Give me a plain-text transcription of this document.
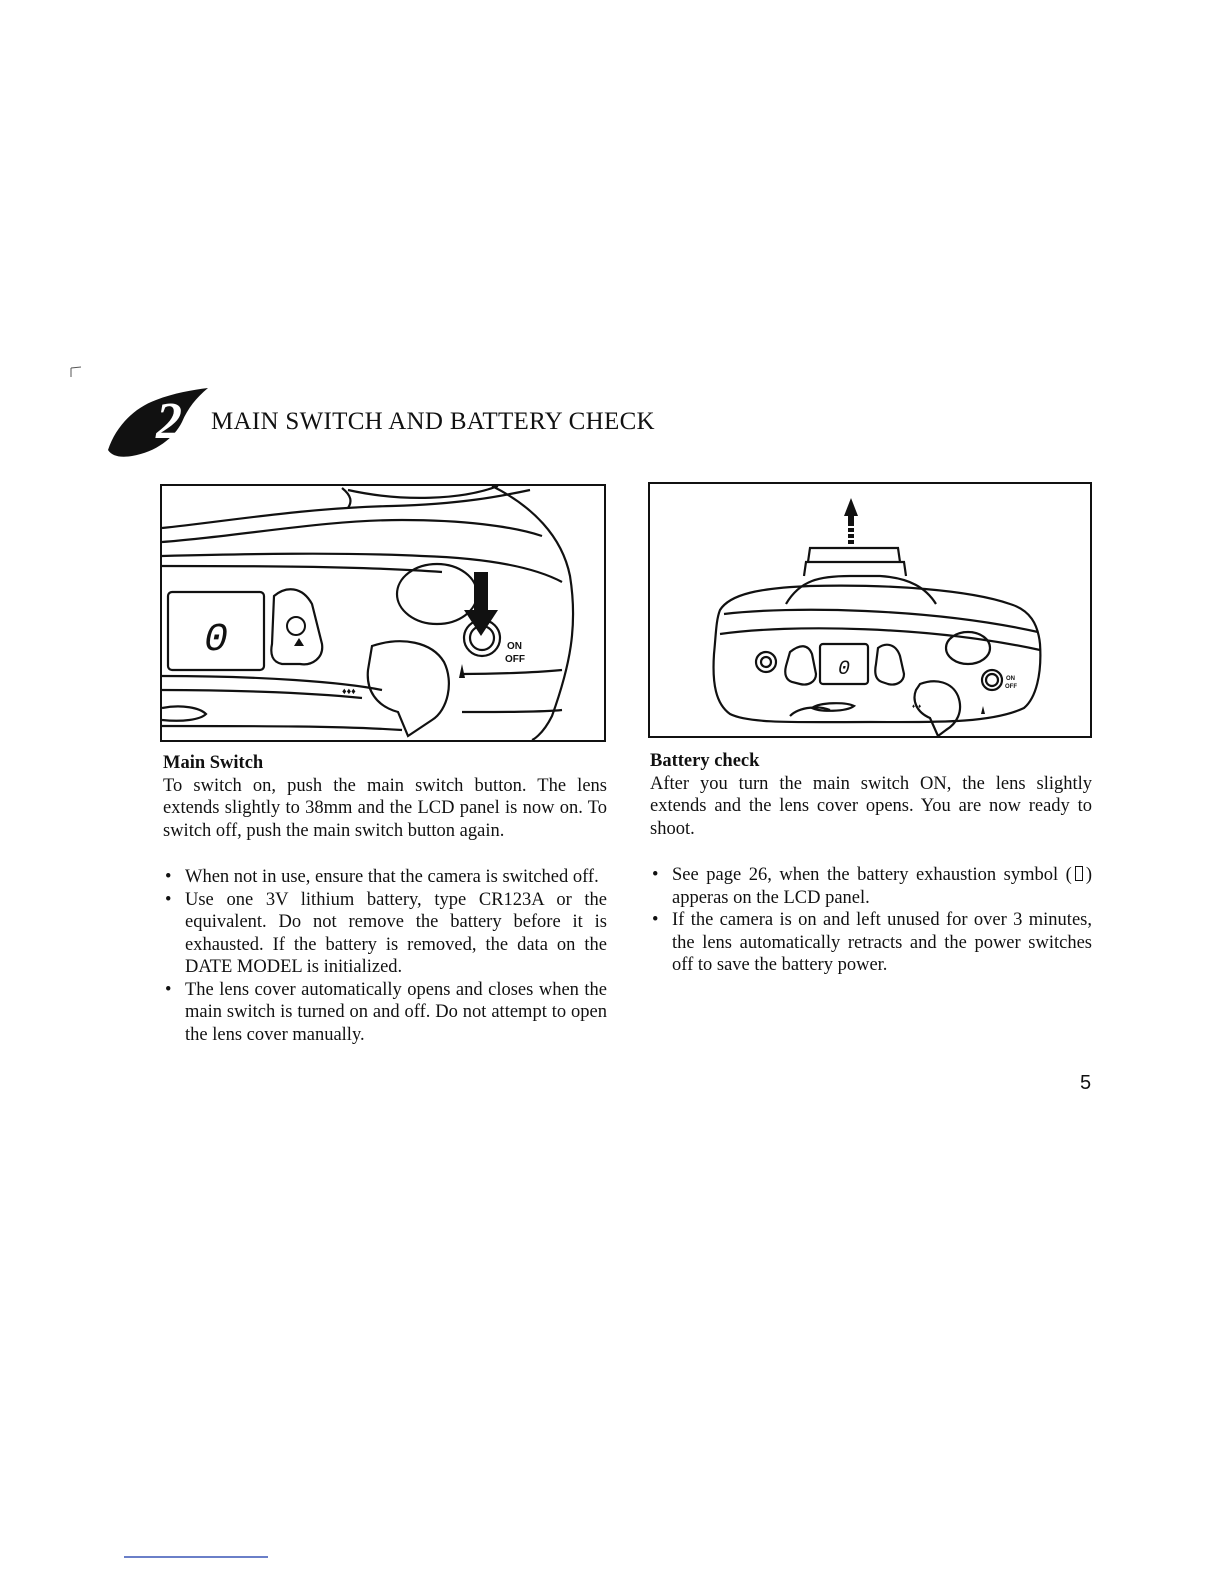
2 MAIN SWITCH AND BATTERY CHECK
0	ON
OFF
♦♦♦
0	ON
OFF
♦♦♦

Main Switch

To switch on, push the main switch button. The lens extends slightly to 38mm and the LCD panel is now on. To switch off, push the main switch button again.

• When not in use, ensure that the camera is switched off.
• Use one 3V lithium battery, type CR123A or the equivalent. Do not remove the battery before it is exhausted. If the battery is removed, the data on the DATE MODEL is initialized.
• The lens cover automatically opens and closes when the main switch is turned on and off. Do not attempt to open the lens cover manually.

Battery check

After you turn the main switch ON, the lens slightly extends and the lens cover opens. You are now ready to shoot.

• See page 26, when the battery exhaustion symbol ( ) apperas on the LCD panel.
• If the camera is on and left unused for over 3 minutes, the lens automatically retracts and the power switches off to save the battery power.
5
